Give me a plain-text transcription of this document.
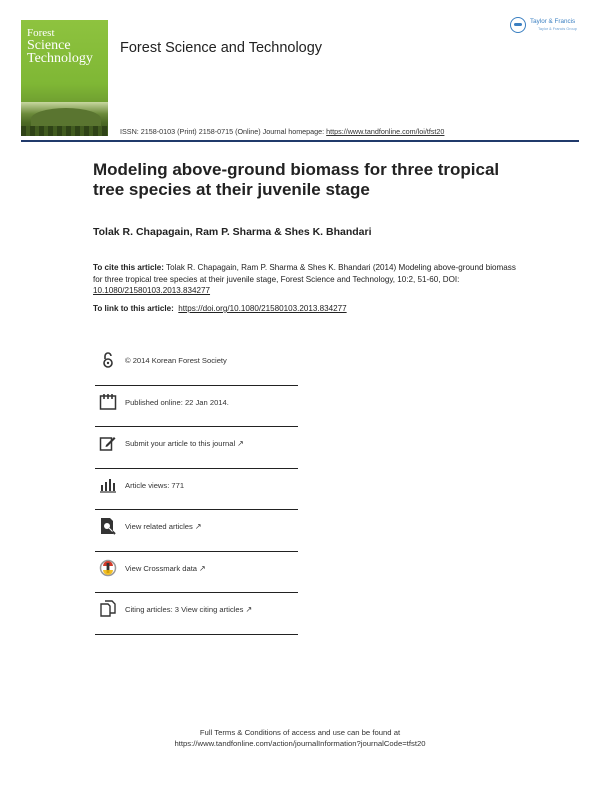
Forest
Science
Technology
Forest Science and Technology
ISSN: 2158-0103 (Print) 2158-0715 (Online) Journal homepage: https://www.tandfonline.com/loi/tfst20
Taylor & Francis
Taylor & Francis Group
Modeling above-ground biomass for three tropical tree species at their juvenile stage
Tolak R. Chapagain, Ram P. Sharma & Shes K. Bhandari
To cite this article: Tolak R. Chapagain, Ram P. Sharma & Shes K. Bhandari (2014) Modeling above-ground biomass for three tropical tree species at their juvenile stage, Forest Science and Technology, 10:2, 51-60, DOI: 10.1080/21580103.2013.834277
To link to this article: https://doi.org/10.1080/21580103.2013.834277
© 2014 Korean Forest Society
Published online: 22 Jan 2014.
Submit your article to this journal ↗
Article views: 771
View related articles ↗
View Crossmark data ↗
Citing articles: 3 View citing articles ↗
Full Terms & Conditions of access and use can be found at
https://www.tandfonline.com/action/journalInformation?journalCode=tfst20
